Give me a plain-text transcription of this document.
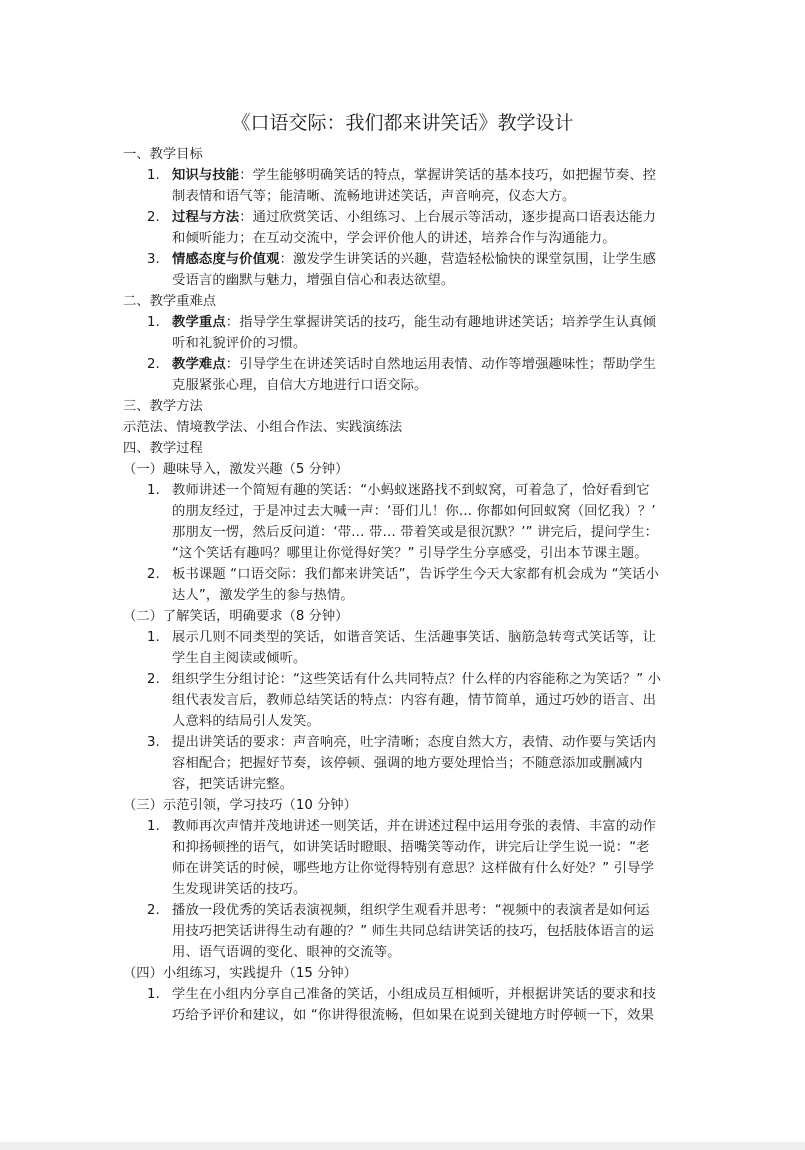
《口语交际：我们都来讲笑话》教学设计
一、教学目标
1. 知识与技能：学生能够明确笑话的特点，掌握讲笑话的基本技巧，如把握节奏、控
制表情和语气等；能清晰、流畅地讲述笑话，声音响亮，仪态大方。
2. 过程与方法：通过欣赏笑话、小组练习、上台展示等活动，逐步提高口语表达能力
和倾听能力；在互动交流中，学会评价他人的讲述，培养合作与沟通能力。
3. 情感态度与价值观：激发学生讲笑话的兴趣，营造轻松愉快的课堂氛围，让学生感
受语言的幽默与魅力，增强自信心和表达欲望。
二、教学重难点
1. 教学重点：指导学生掌握讲笑话的技巧，能生动有趣地讲述笑话；培养学生认真倾
听和礼貌评价的习惯。
2. 教学难点：引导学生在讲述笑话时自然地运用表情、动作等增强趣味性；帮助学生
克服紧张心理，自信大方地进行口语交际。
三、教学方法
示范法、情境教学法、小组合作法、实践演练法
四、教学过程
（一）趣味导入，激发兴趣（5 分钟）
1. 教师讲述一个简短有趣的笑话：“小蚂蚁迷路找不到蚁窝，可着急了，恰好看到它
的朋友经过，于是冲过去大喊一声：‘哥们儿！你… 你都如何回蚁窝（回忆我）？’
那朋友一愣，然后反问道：‘带… 带… 带着笑或是很沉默？’” 讲完后，提问学生：
“这个笑话有趣吗？哪里让你觉得好笑？” 引导学生分享感受，引出本节课主题。
2. 板书课题 “口语交际：我们都来讲笑话”，告诉学生今天大家都有机会成为 “笑话小
达人”，激发学生的参与热情。
（二）了解笑话，明确要求（8 分钟）
1. 展示几则不同类型的笑话，如谐音笑话、生活趣事笑话、脑筋急转弯式笑话等，让
学生自主阅读或倾听。
2. 组织学生分组讨论：“这些笑话有什么共同特点？什么样的内容能称之为笑话？” 小
组代表发言后，教师总结笑话的特点：内容有趣，情节简单，通过巧妙的语言、出
人意料的结局引人发笑。
3. 提出讲笑话的要求：声音响亮，吐字清晰；态度自然大方，表情、动作要与笑话内
容相配合；把握好节奏，该停顿、强调的地方要处理恰当；不随意添加或删减内
容，把笑话讲完整。
（三）示范引领，学习技巧（10 分钟）
1. 教师再次声情并茂地讲述一则笑话，并在讲述过程中运用夸张的表情、丰富的动作
和抑扬顿挫的语气，如讲笑话时瞪眼、捂嘴笑等动作，讲完后让学生说一说：“老
师在讲笑话的时候，哪些地方让你觉得特别有意思？这样做有什么好处？” 引导学
生发现讲笑话的技巧。
2. 播放一段优秀的笑话表演视频，组织学生观看并思考：“视频中的表演者是如何运
用技巧把笑话讲得生动有趣的？” 师生共同总结讲笑话的技巧，包括肢体语言的运
用、语气语调的变化、眼神的交流等。
（四）小组练习，实践提升（15 分钟）
1. 学生在小组内分享自己准备的笑话，小组成员互相倾听，并根据讲笑话的要求和技
巧给予评价和建议，如 “你讲得很流畅，但如果在说到关键地方时停顿一下，效果
